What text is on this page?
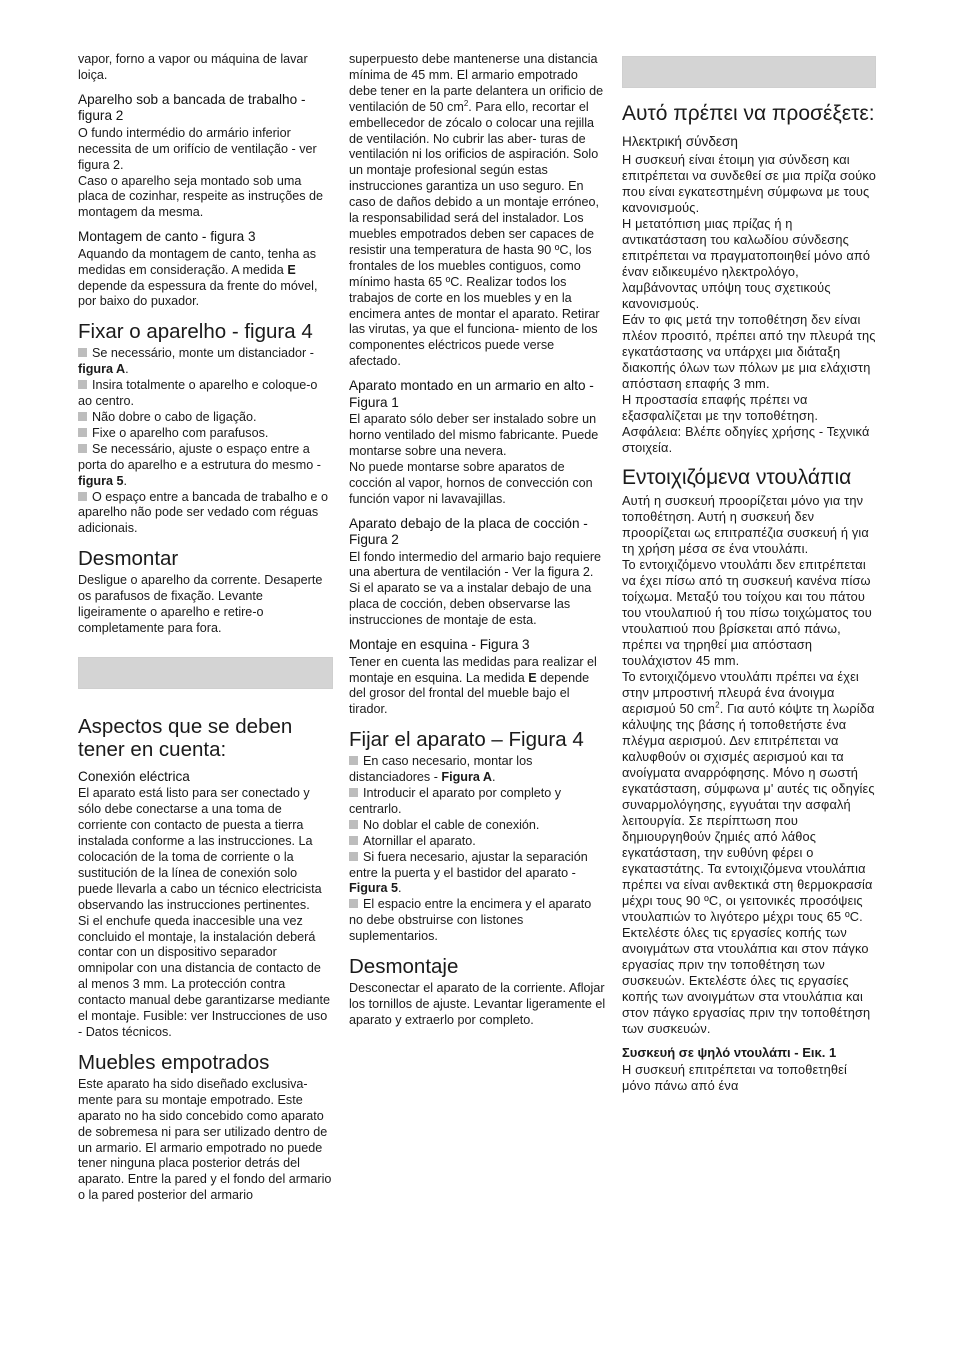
vapor, forno a vapor ou máquina de lavar loiça.

Aparelho sob a bancada de trabalho - figura 2

O fundo intermédio do armário inferior necessita de um orifício de ventilação - ver figura 2.

Caso o aparelho seja montado sob uma placa de cozinhar, respeite as instruções de montagem da mesma.

Montagem de canto - figura 3

Aquando da montagem de canto, tenha as medidas em consideração. A medida E depende da espessura da frente do móvel, por baixo do puxador.

Fixar o aparelho - figura 4

Se necessário, monte um distanciador - figura A.

Insira totalmente o aparelho e coloque-o ao centro.

Não dobre o cabo de ligação.

Fixe o aparelho com parafusos.

Se necessário, ajuste o espaço entre a porta do aparelho e a estrutura do mesmo - figura 5.

O espaço entre a bancada de trabalho e o aparelho não pode ser vedado com réguas adicionais.

Desmontar

Desligue o aparelho da corrente. Desaperte os parafusos de fixação. Levante ligeiramente o aparelho e retire-o completamente para fora.

Aspectos que se deben tener en cuenta:
Conexión eléctrica

El aparato está listo para ser conectado y sólo debe conectarse a una toma de corriente con contacto de puesta a tierra instalada conforme a las instrucciones. La colocación de la toma de corriente o la sustitución de la línea de conexión solo puede llevarla a cabo un técnico electricista observando las instrucciones pertinentes.

Si el enchufe queda inaccesible una vez concluido el montaje, la instalación deberá contar con un dispositivo separador omnipolar con una distancia de contacto de al menos 3 mm. La protección contra contacto manual debe garantizarse mediante el montaje. Fusible: ver Instrucciones de uso - Datos técnicos.

Muebles empotrados

Este aparato ha sido diseñado exclusiva- mente para su montaje empotrado. Este aparato no ha sido concebido como aparato de sobremesa ni para ser utilizado dentro de un armario. El armario empotrado no puede tener ninguna placa posterior detrás del aparato. Entre la pared y el fondo del armario o la pared posterior del armario

superpuesto debe mantenerse una distancia mínima de 45 mm. El armario empotrado debe tener en la parte delantera un orificio de ventilación de 50 $cm^2$. Para ello, recortar el embellecedor de zócalo o colocar una rejilla de ventilación. No cubrir las aber- turas de ventilación ni los orificios de aspiración. Solo un montaje profesional según estas instrucciones garantiza un uso seguro. En caso de daños debido a un montaje erróneo, la responsabilidad será del instalador. Los muebles empotrados deben ser capaces de resistir una temperatura de hasta 90 ºC, los frontales de los muebles contiguos, como mínimo hasta 65 ºC. Realizar todos los trabajos de corte en los muebles y en la encimera antes de montar el aparato. Retirar las virutas, ya que el funciona- miento de los componentes eléctricos puede verse afectado.

Aparato montado en un armario en alto - Figura 1

El aparato sólo deber ser instalado sobre un horno ventilado del mismo fabricante. Puede montarse sobre una nevera.

No puede montarse sobre aparatos de cocción al vapor, hornos de convección con función vapor ni lavavajillas.

Aparato debajo de la placa de cocción - Figura 2

El fondo intermedio del armario bajo requiere una abertura de ventilación - Ver la figura 2.

Si el aparato se va a instalar debajo de una placa de cocción, deben observarse las instrucciones de montaje de esta.

Montaje en esquina - Figura 3

Tener en cuenta las medidas para realizar el montaje en esquina. La medida E depende del grosor del frontal del mueble bajo el tirador.

Fijar el aparato – Figura 4

En caso necesario, montar los distanciadores - Figura A.

Introducir el aparato por completo y centrarlo.

No doblar el cable de conexión.

Atornillar el aparato.

Si fuera necesario, ajustar la separación entre la puerta y el bastidor del aparato - Figura 5.

El espacio entre la encimera y el aparato no debe obstruirse con listones suplementarios.

Desmontaje

Desconectar el aparato de la corriente. Aflojar los tornillos de ajuste. Levantar ligeramente el aparato y extraerlo por completo.

Αυτό πρέπει να προσέξετε:
Ηλεκτρική σύνδεση

Η συσκευή είναι έτοιμη για σύνδεση και επιτρέπεται να συνδεθεί σε μια πρίζα σούκο που είναι εγκατεστημένη σύμφωνα με τους κανονισμούς.

Η μετατόπιση μιας πρίζας ή η αντικατάσταση του καλωδίου σύνδεσης επιτρέπεται να πραγματοποιηθεί μόνο από έναν ειδικευμένο ηλεκτρολόγο, λαμβάνοντας υπόψη τους σχετικούς κανονισμούς.

Εάν το φις μετά την τοποθέτηση δεν είναι πλέον προσιτό, πρέπει από την πλευρά της εγκατάστασης να υπάρχει μια διάταξη διακοπής όλων των πόλων με μια ελάχιστη απόσταση επαφής 3 mm.

Η προστασία επαφής πρέπει να εξασφαλίζεται με την τοποθέτηση. Ασφάλεια: Βλέπε οδηγίες χρήσης - Τεχνικά στοιχεία.

Εντοιχιζόμενα ντουλάπια

Αυτή η συσκευή προορίζεται μόνο για την τοποθέτηση. Αυτή η συσκευή δεν προορίζεται ως επιτραπέζια συσκευή ή για τη χρήση μέσα σε ένα ντουλάπι.

Το εντοιχιζόμενο ντουλάπι δεν επιτρέπεται να έχει πίσω από τη συσκευή κανένα πίσω τοίχωμα. Μεταξύ του τοίχου και του πάτου του ντουλαπιού ή του πίσω τοιχώματος του ντουλαπιού που βρίσκεται από πάνω, πρέπει να τηρηθεί μια απόσταση τουλάχιστον 45 mm.

Το εντοιχιζόμενο ντουλάπι πρέπει να έχει στην μπροστινή πλευρά ένα άνοιγμα αερισμού 50 $cm^2$. Για αυτό κόψτε τη λωρίδα κάλυψης της βάσης ή τοποθετήστε ένα πλέγμα αερισμού. Δεν επιτρέπεται να καλυφθούν οι σχισμές αερισμού και τα ανοίγματα αναρρόφησης. Μόνο η σωστή εγκατάσταση, σύμφωνα μ' αυτές τις οδηγίες συναρμολόγησης, εγγυάται την ασφαλή λειτουργία. Σε περίπτωση που δημιουργηθούν ζημιές από λάθος εγκατάσταση, την ευθύνη φέρει ο εγκαταστάτης. Τα εντοιχιζόμενα ντουλάπια πρέπει να είναι ανθεκτικά στη θερμοκρασία μέχρι τους 90 ºC, οι γειτονικές προσόψεις ντουλαπιών το λιγότερο μέχρι τους 65 ºC.

Εκτελέστε όλες τις εργασίες κοπής των ανοιγμάτων στα ντουλάπια και στον πάγκο εργασίας πριν την τοποθέτηση των συσκευών. Εκτελέστε όλες τις εργασίες κοπής των ανοιγμάτων στα ντουλάπια και στον πάγκο εργασίας πριν την τοποθέτηση των συσκευών.

Συσκευή σε ψηλό ντουλάπι - Εικ. 1

Η συσκευή επιτρέπεται να τοποθετηθεί μόνο πάνω από ένα
